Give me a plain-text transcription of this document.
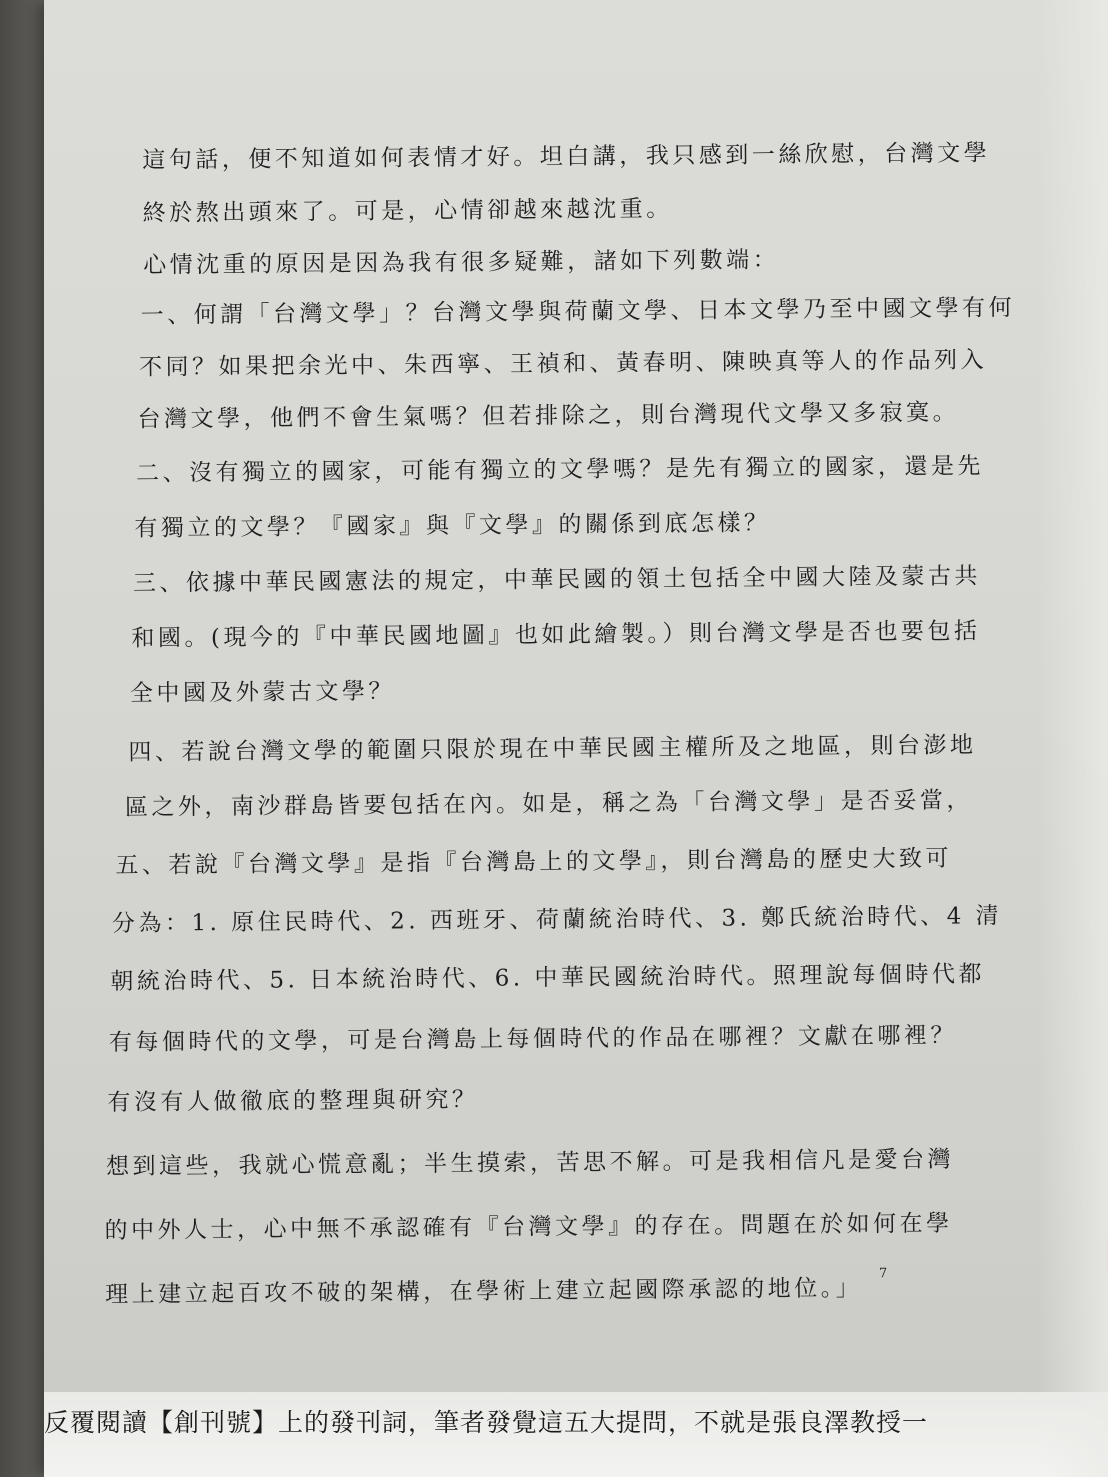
這句話，便不知道如何表情才好。坦白講，我只感到一絲欣慰，台灣文學

終於熬出頭來了。可是，心情卻越來越沈重。

心情沈重的原因是因為我有很多疑難，諸如下列數端：

一、何謂「台灣文學」？台灣文學與荷蘭文學、日本文學乃至中國文學有何

不同？如果把余光中、朱西寧、王禎和、黃春明、陳映真等人的作品列入

台灣文學，他們不會生氣嗎？但若排除之，則台灣現代文學又多寂寞。

二、沒有獨立的國家，可能有獨立的文學嗎？是先有獨立的國家，還是先

有獨立的文學？『國家』與『文學』的關係到底怎樣？

三、依據中華民國憲法的規定，中華民國的領土包括全中國大陸及蒙古共

和國。(現今的『中華民國地圖』也如此繪製。）則台灣文學是否也要包括

全中國及外蒙古文學？

四、若說台灣文學的範圍只限於現在中華民國主權所及之地區，則台澎地

區之外，南沙群島皆要包括在內。如是，稱之為「台灣文學」是否妥當，

五、若說『台灣文學』是指『台灣島上的文學』，則台灣島的歷史大致可

分為：1. 原住民時代、2. 西班牙、荷蘭統治時代、3. 鄭氏統治時代、4 清

朝統治時代、5. 日本統治時代、6. 中華民國統治時代。照理說每個時代都

有每個時代的文學，可是台灣島上每個時代的作品在哪裡？文獻在哪裡？

有沒有人做徹底的整理與研究？

想到這些，我就心慌意亂；半生摸索，苦思不解。可是我相信凡是愛台灣

的中外人士，心中無不承認確有『台灣文學』的存在。問題在於如何在學

理上建立起百攻不破的架構，在學術上建立起國際承認的地位。」

7

反覆閱讀【創刊號】上的發刊詞，筆者發覺這五大提問，不就是張良澤教授一
